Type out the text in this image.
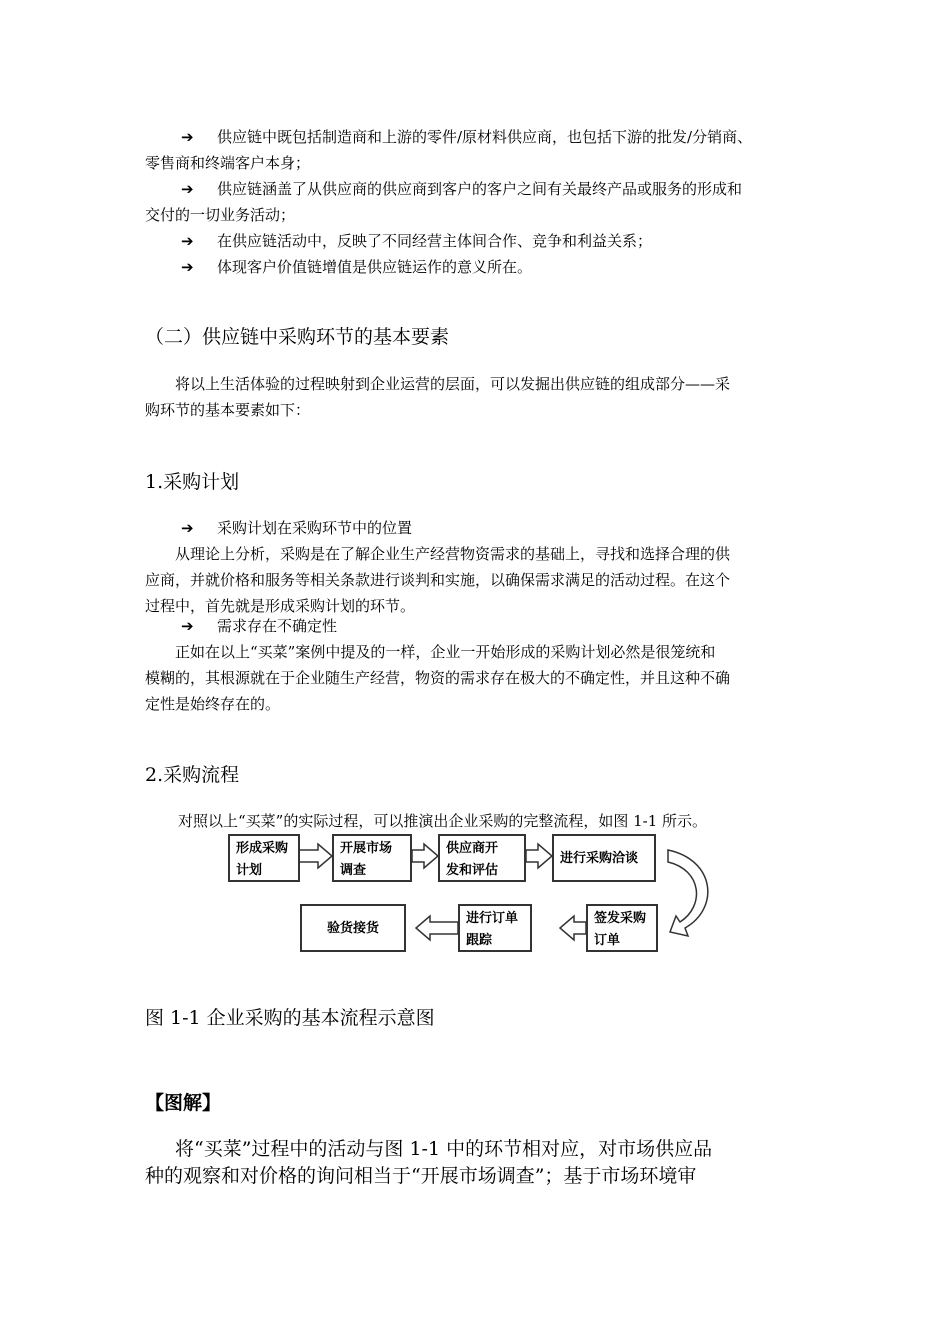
➔ 供应链中既包括制造商和上游的零件/原材料供应商，也包括下游的批发/分销商、
零售商和终端客户本身；
➔ 供应链涵盖了从供应商的供应商到客户的客户之间有关最终产品或服务的形成和
交付的一切业务活动；
➔ 在供应链活动中，反映了不同经营主体间合作、竞争和利益关系；
➔ 体现客户价值链增值是供应链运作的意义所在。
（二）供应链中采购环节的基本要素
将以上生活体验的过程映射到企业运营的层面，可以发掘出供应链的组成部分——采
购环节的基本要素如下：
1.采购计划
➔ 采购计划在采购环节中的位置
从理论上分析，采购是在了解企业生产经营物资需求的基础上，寻找和选择合理的供
应商，并就价格和服务等相关条款进行谈判和实施，以确保需求满足的活动过程。在这个
过程中，首先就是形成采购计划的环节。
➔ 需求存在不确定性
正如在以上“买菜”案例中提及的一样，企业一开始形成的采购计划必然是很笼统和
模糊的，其根源就在于企业随生产经营，物资的需求存在极大的不确定性，并且这种不确
定性是始终存在的。
2.采购流程
对照以上“买菜”的实际过程，可以推演出企业采购的完整流程，如图 1-1 所示。
形成采购
计划
开展市场
调查
供应商开
发和评估
进行采购洽谈
签发采购
订单
进行订单
跟踪
验货接货
图 1-1 企业采购的基本流程示意图
【图解】
将“买菜”过程中的活动与图 1-1 中的环节相对应，对市场供应品
种的观察和对价格的询问相当于“开展市场调查”；基于市场环境审
